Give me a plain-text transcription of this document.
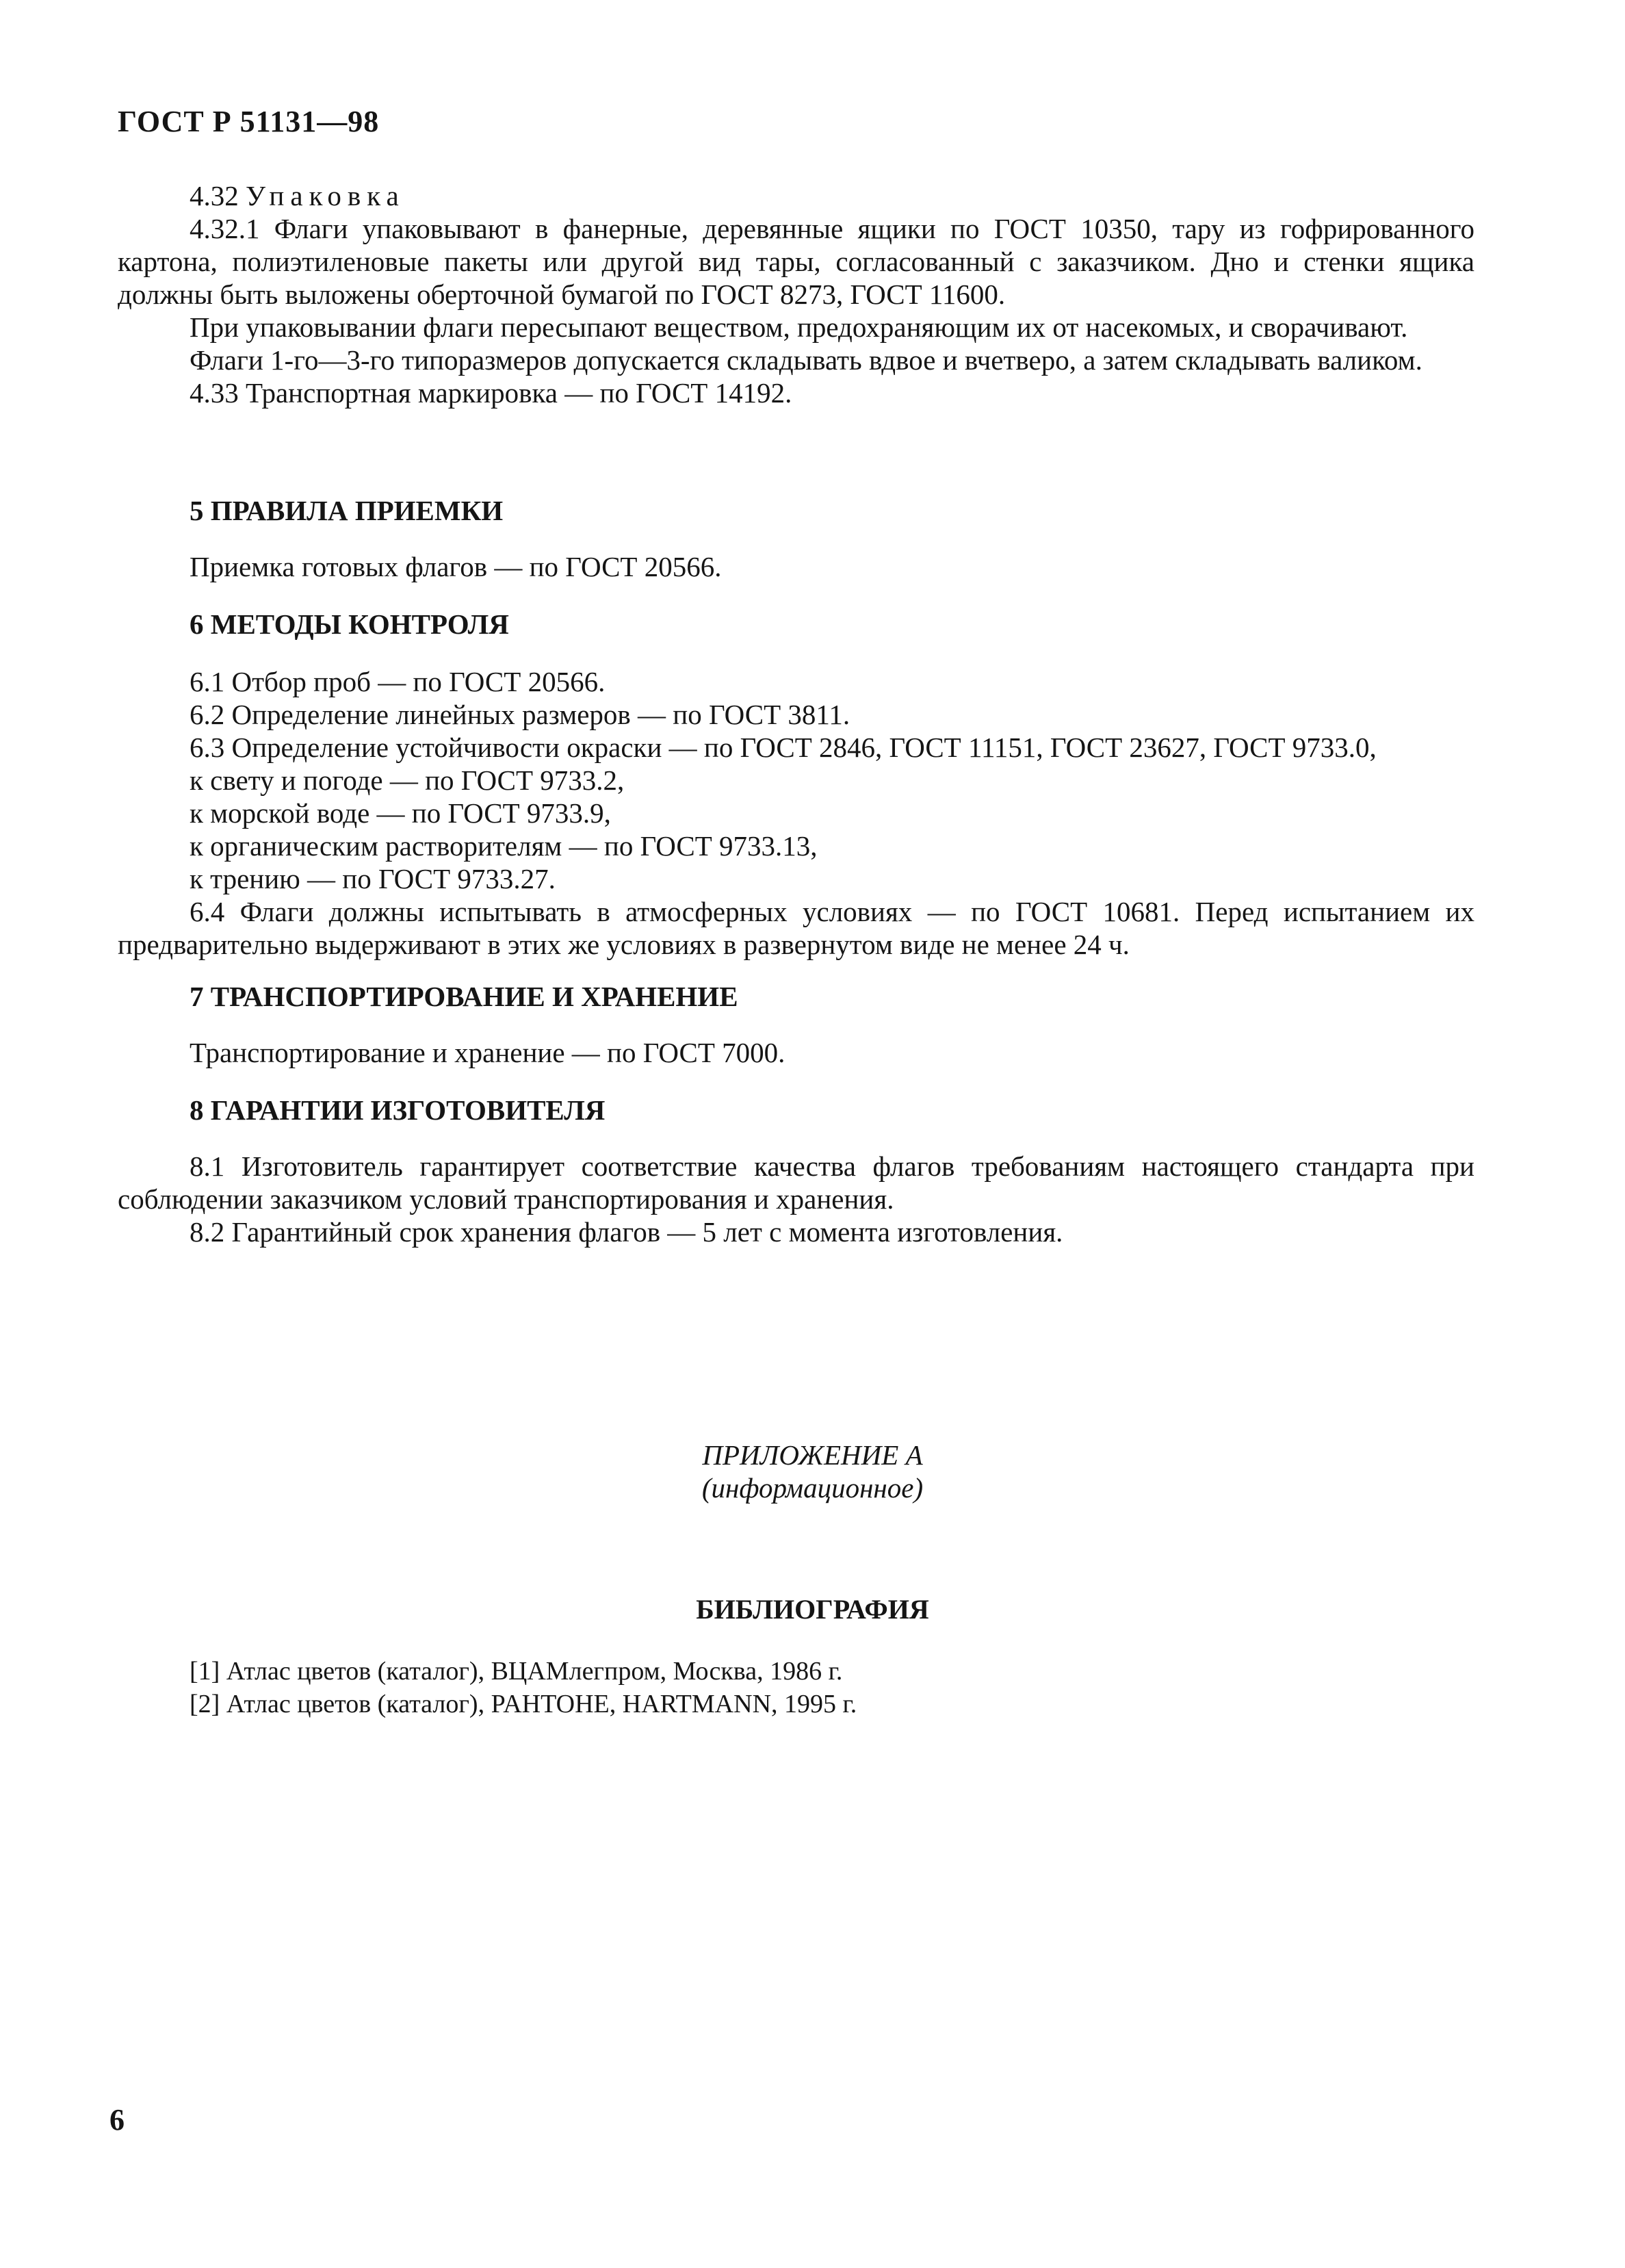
ГОСТ Р 51131—98

4.32 Упаковка

4.32.1 Флаги упаковывают в фанерные, деревянные ящики по ГОСТ 10350, тару из гофрированного картона, полиэтиленовые пакеты или другой вид тары, согласованный с заказчиком. Дно и стенки ящика должны быть выложены оберточной бумагой по ГОСТ 8273, ГОСТ 11600.

При упаковывании флаги пересыпают веществом, предохраняющим их от насекомых, и сворачивают.

Флаги 1-го—3-го типоразмеров допускается складывать вдвое и вчетверо, а затем складывать валиком.

4.33 Транспортная маркировка — по ГОСТ 14192.

5 ПРАВИЛА ПРИЕМКИ

Приемка готовых флагов — по ГОСТ 20566.

6 МЕТОДЫ КОНТРОЛЯ

6.1 Отбор проб — по ГОСТ 20566.

6.2 Определение линейных размеров — по ГОСТ 3811.

6.3 Определение устойчивости окраски — по ГОСТ 2846, ГОСТ 11151, ГОСТ 23627, ГОСТ 9733.0,

к свету и погоде — по ГОСТ 9733.2,

к морской воде — по ГОСТ 9733.9,

к органическим растворителям — по ГОСТ 9733.13,

к трению — по ГОСТ 9733.27.

6.4 Флаги должны испытывать в атмосферных условиях — по ГОСТ 10681. Перед испытанием их предварительно выдерживают в этих же условиях в развернутом виде не менее 24 ч.

7 ТРАНСПОРТИРОВАНИЕ И ХРАНЕНИЕ

Транспортирование и хранение — по ГОСТ 7000.

8 ГАРАНТИИ ИЗГОТОВИТЕЛЯ

8.1 Изготовитель гарантирует соответствие качества флагов требованиям настоящего стандарта при соблюдении заказчиком условий транспортирования и хранения.

8.2 Гарантийный срок хранения флагов — 5 лет с момента изготовления.

ПРИЛОЖЕНИЕ А

(информационное)

БИБЛИОГРАФИЯ

[1] Атлас цветов (каталог), ВЦАМлегпром, Москва, 1986 г.

[2] Атлас цветов (каталог), PAHTOHE, HARTMANN, 1995 г.

6
